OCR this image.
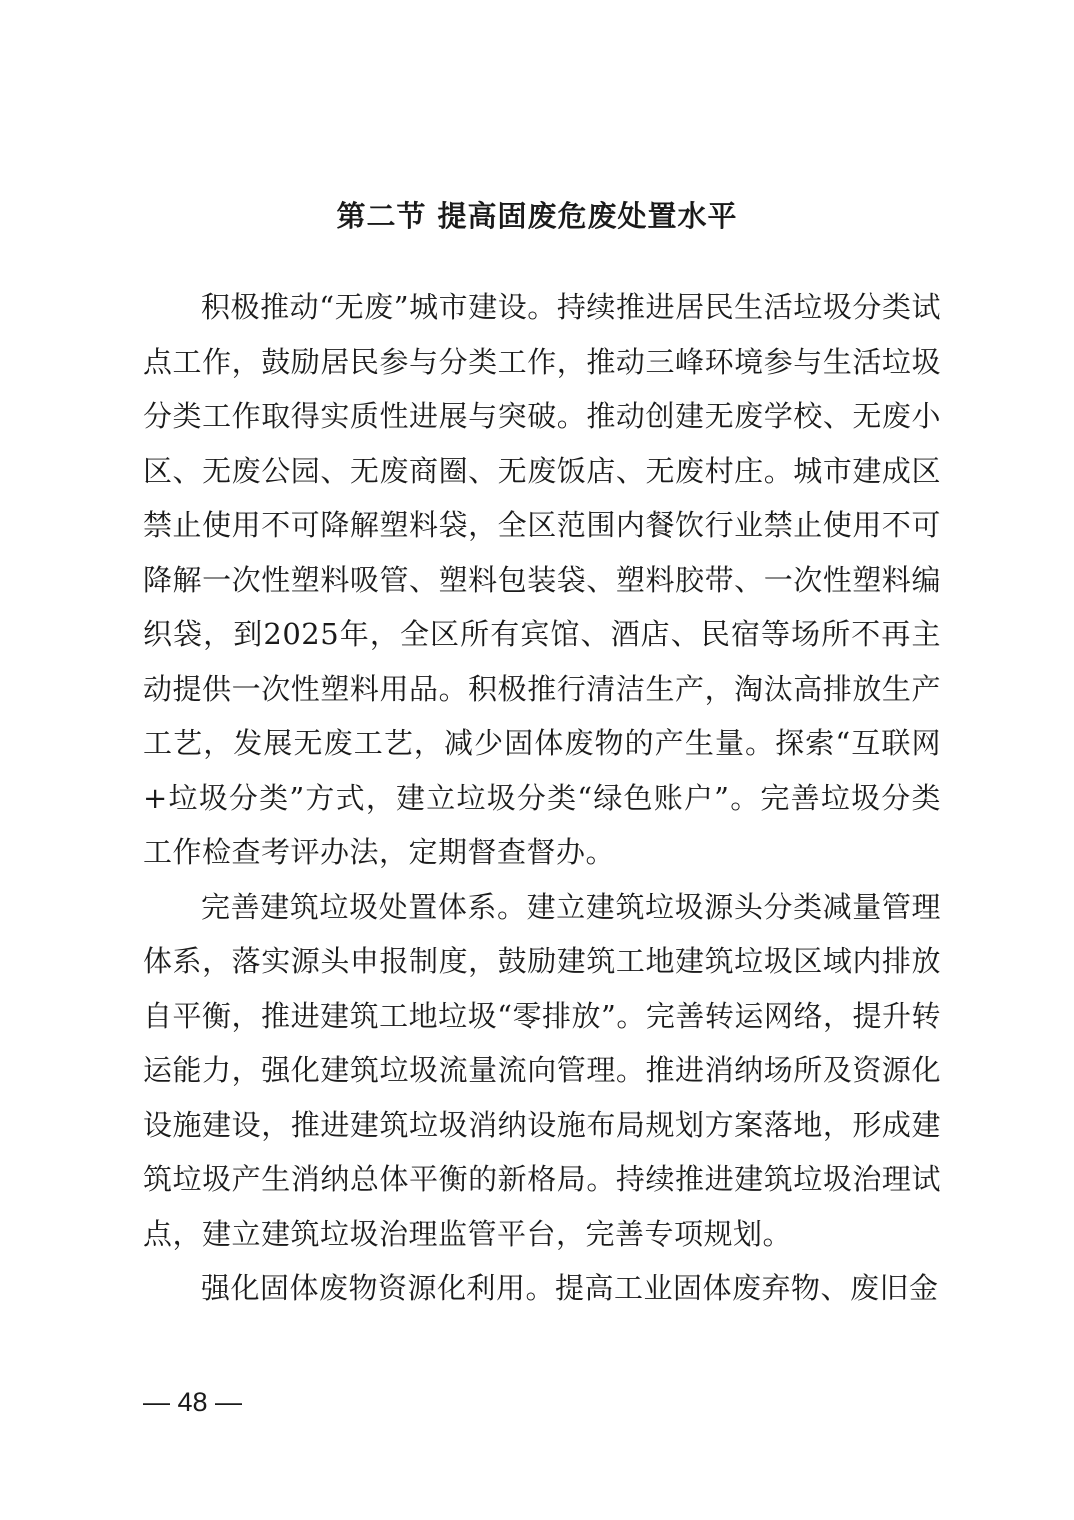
第二节 提高固废危废处置水平

积极推动“无废”城市建设。持续推进居民生活垃圾分类试点工作，鼓励居民参与分类工作，推动三峰环境参与生活垃圾分类工作取得实质性进展与突破。推动创建无废学校、无废小区、无废公园、无废商圈、无废饭店、无废村庄。城市建成区禁止使用不可降解塑料袋，全区范围内餐饮行业禁止使用不可降解一次性塑料吸管、塑料包装袋、塑料胶带、一次性塑料编织袋，到2025年，全区所有宾馆、酒店、民宿等场所不再主动提供一次性塑料用品。积极推行清洁生产，淘汰高排放生产工艺，发展无废工艺，减少固体废物的产生量。探索“互联网+垃圾分类”方式，建立垃圾分类“绿色账户”。完善垃圾分类工作检查考评办法，定期督查督办。

完善建筑垃圾处置体系。建立建筑垃圾源头分类减量管理体系，落实源头申报制度，鼓励建筑工地建筑垃圾区域内排放自平衡，推进建筑工地垃圾“零排放”。完善转运网络，提升转运能力，强化建筑垃圾流量流向管理。推进消纳场所及资源化设施建设，推进建筑垃圾消纳设施布局规划方案落地，形成建筑垃圾产生消纳总体平衡的新格局。持续推进建筑垃圾治理试点，建立建筑垃圾治理监管平台，完善专项规划。

强化固体废物资源化利用。提高工业固体废弃物、废旧金

— 48 —
